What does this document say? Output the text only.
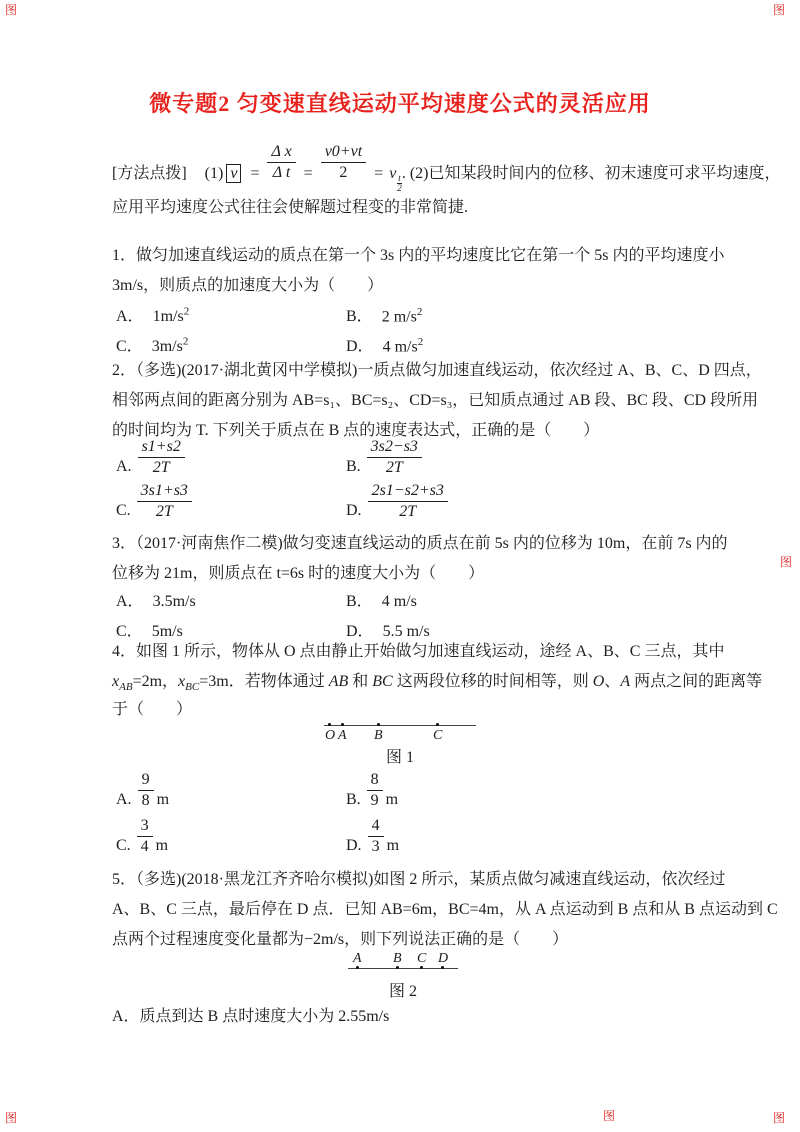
微专题2 匀变速直线运动平均速度公式的灵活应用
[方法点拨] (1) $\overline{v} = \frac{\text{Δ x}}{\text{Δ t}} = \frac{v0+vt}{2} = v$ t
2
. (2)已知某段时间内的位移、初末速度可求平均速度，
应用平均速度公式往往会使解题过程变的非常简捷.
1．做匀加速直线运动的质点在第一个 3s 内的平均速度比它在第一个 5s 内的平均速度小
3m/s，则质点的加速度大小为（　　）
A． $1m/s^2$	B． 2 $m/s^2$
C． $3m/s^2$	D． 4 $m/s^2$
2．（多选)(2017·湖北黄冈中学模拟)一质点做匀加速直线运动，依次经过 A、B、C、D 四点，
相邻两点间的距离分别为 AB=s₁、BC=s₂、CD=s₃，已知质点通过 AB 段、BC 段、CD 段所用
的时间均为 T. 下列关于质点在 B 点的速度表达式，正确的是（　　）
A. $\frac{s1+s2}{2T}$	B. $\frac{3s2-s3}{2T}$
C. $\frac{3s1+s3}{2T}$	D. $\frac{2s1-s2+s3}{2T}$
3．（2017·河南焦作二模)做匀变速直线运动的质点在前 5s 内的位移为 10m，在前 7s 内的
位移为 21m，则质点在 t=6s 时的速度大小为（　　）
A． 3.5m/s	B． 4 m/s
C． 5m/s	D． 5.5 m/s
4．如图 1 所示，物体从 O 点由静止开始做匀加速直线运动，途经 A、B、C 三点，其中
$x_{AB}=2m$，$x_{BC}=3m$．若物体通过 AB 和 BC 这两段位移的时间相等，则 O、A 两点之间的距离等
于（　　）
O A B	C
图 1
A. $\frac{9}{8}$ m	B. $\frac{8}{9}$ m
C. $\frac{3}{4}$ m	D. $\frac{4}{3}$ m
5．（多选)(2018·黑龙江齐齐哈尔模拟)如图 2 所示，某质点做匀减速直线运动，依次经过
A、B、C 三点，最后停在 D 点．已知 AB=6m，BC=4m，从 A 点运动到 B 点和从 B 点运动到 C
点两个过程速度变化量都为−2m/s，则下列说法正确的是（　　）
A B C D
图 2
A．质点到达 B 点时速度大小为 2.55m/s
图	图
图
图	图	图
